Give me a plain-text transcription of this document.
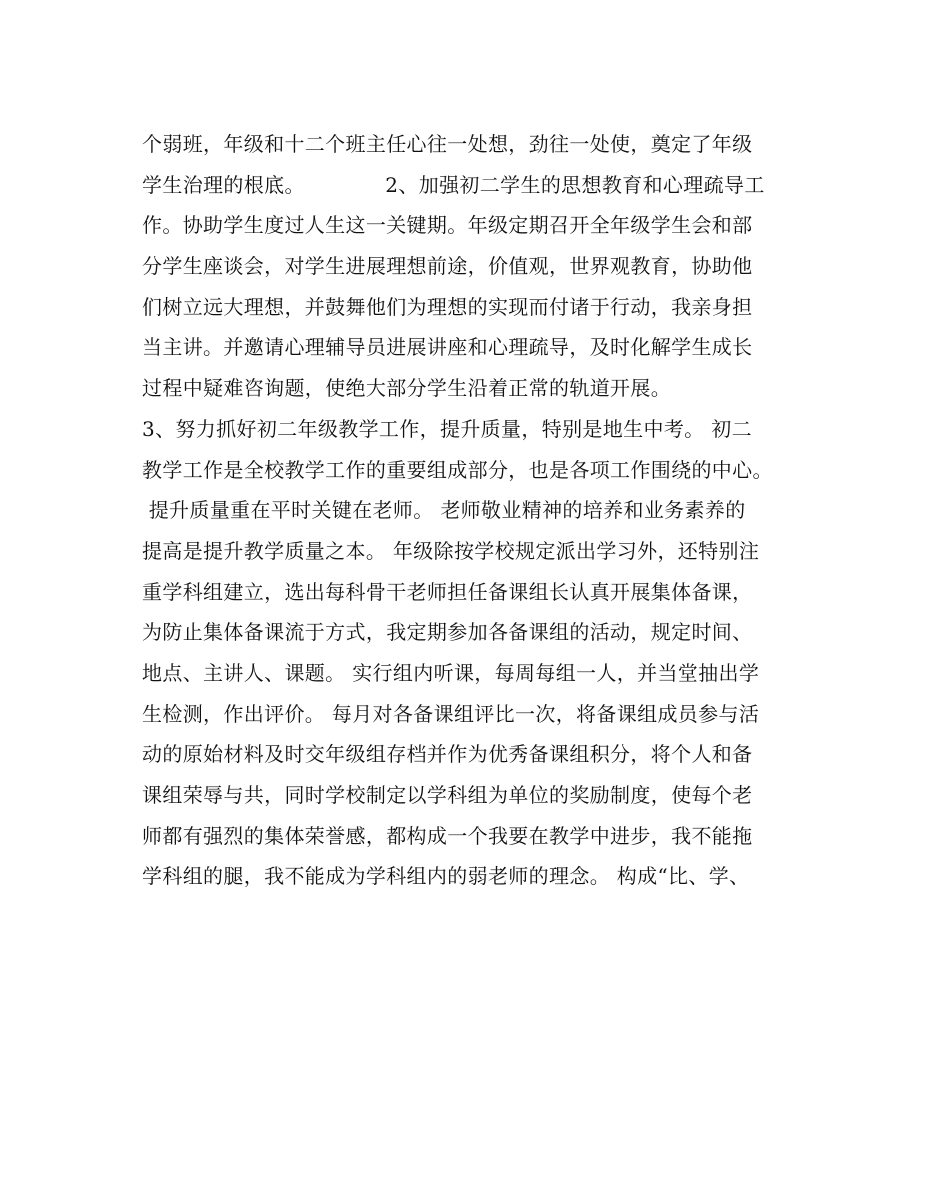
个弱班，年级和十二个班主任心往一处想，劲往一处使，奠定了年级
学生治理的根底。            2、加强初二学生的思想教育和心理疏导工
作。协助学生度过人生这一关键期。年级定期召开全年级学生会和部
分学生座谈会，对学生进展理想前途，价值观，世界观教育，协助他
们树立远大理想，并鼓舞他们为理想的实现而付诸于行动，我亲身担
当主讲。并邀请心理辅导员进展讲座和心理疏导，及时化解学生成长
过程中疑难咨询题，使绝大部分学生沿着正常的轨道开展。
3、努力抓好初二年级教学工作，提升质量，特别是地生中考。 初二
教学工作是全校教学工作的重要组成部分，也是各项工作围绕的中心。
提升质量重在平时关键在老师。 老师敬业精神的培养和业务素养的
提高是提升教学质量之本。 年级除按学校规定派出学习外，还特别注
重学科组建立，选出每科骨干老师担任备课组长认真开展集体备课，
为防止集体备课流于方式，我定期参加各备课组的活动，规定时间、
地点、主讲人、课题。 实行组内听课，每周每组一人，并当堂抽出学
生检测，作出评价。 每月对各备课组评比一次，将备课组成员参与活
动的原始材料及时交年级组存档并作为优秀备课组积分，将个人和备
课组荣辱与共，同时学校制定以学科组为单位的奖励制度，使每个老
师都有强烈的集体荣誉感，都构成一个我要在教学中进步，我不能拖
学科组的腿，我不能成为学科组内的弱老师的理念。 构成“比、学、
